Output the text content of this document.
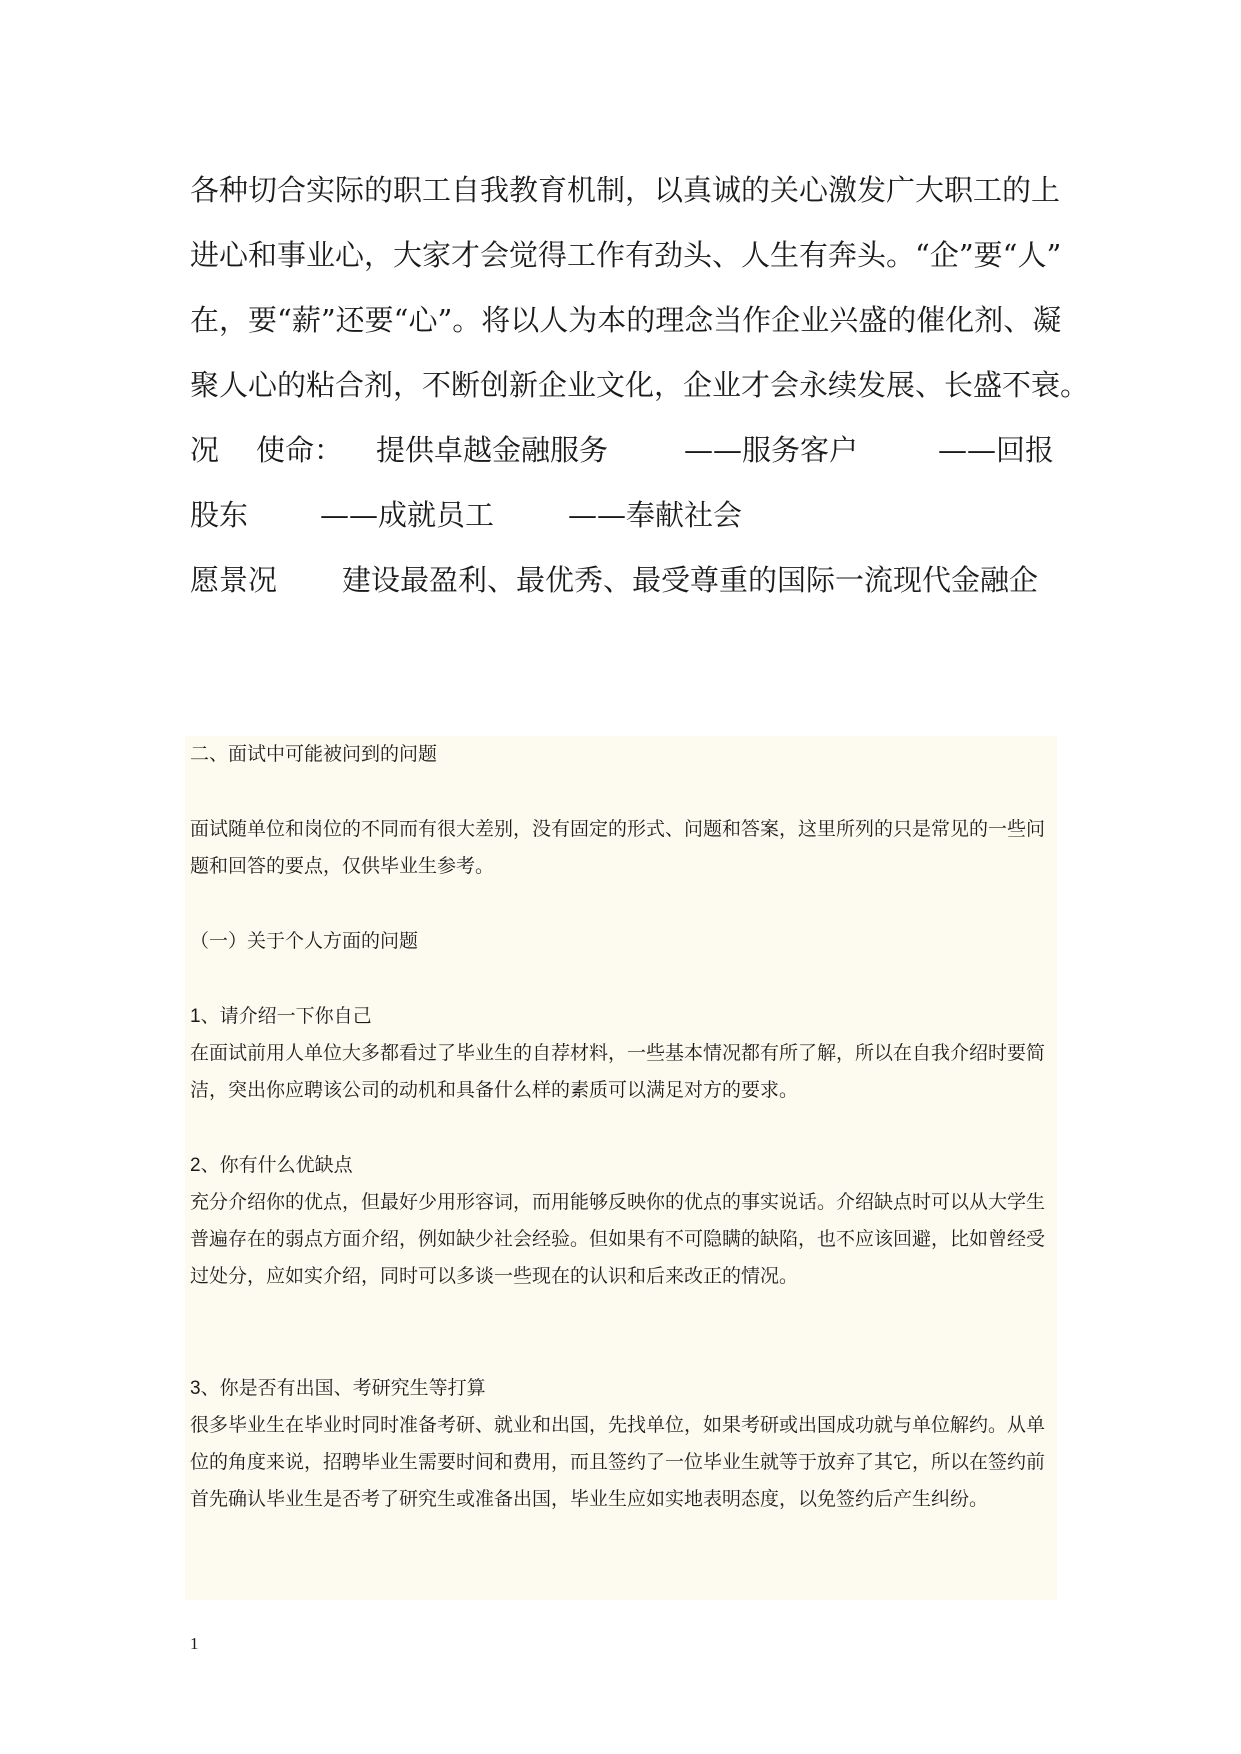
各种切合实际的职工自我教育机制，以真诚的关心激发广大职工的上
进心和事业心，大家才会觉得工作有劲头、人生有奔头。“企”要“人”
在，要“薪”还要“心”。将以人为本的理念当作企业兴盛的催化剂、凝
聚人心的粘合剂，不断创新企业文化，企业才会永续发展、长盛不衰。
况 使命： 提供卓越金融服务	——服务客户	——回报
股东 ——成就员工	——奉献社会
愿景况 建设最盈利、最优秀、最受尊重的国际一流现代金融企
二、面试中可能被问到的问题
面试随单位和岗位的不同而有很大差别，没有固定的形式、问题和答案，这里所列的只是常见的一些问题和回答的要点，仅供毕业生参考。
（一）关于个人方面的问题
1、请介绍一下你自己
在面试前用人单位大多都看过了毕业生的自荐材料，一些基本情况都有所了解，所以在自我介绍时要简洁，突出你应聘该公司的动机和具备什么样的素质可以满足对方的要求。
2、你有什么优缺点
充分介绍你的优点，但最好少用形容词，而用能够反映你的优点的事实说话。介绍缺点时可以从大学生普遍存在的弱点方面介绍，例如缺少社会经验。但如果有不可隐瞒的缺陷，也不应该回避，比如曾经受过处分，应如实介绍，同时可以多谈一些现在的认识和后来改正的情况。
3、你是否有出国、考研究生等打算
很多毕业生在毕业时同时准备考研、就业和出国，先找单位，如果考研或出国成功就与单位解约。从单位的角度来说，招聘毕业生需要时间和费用，而且签约了一位毕业生就等于放弃了其它，所以在签约前首先确认毕业生是否考了研究生或准备出国，毕业生应如实地表明态度，以免签约后产生纠纷。
1
